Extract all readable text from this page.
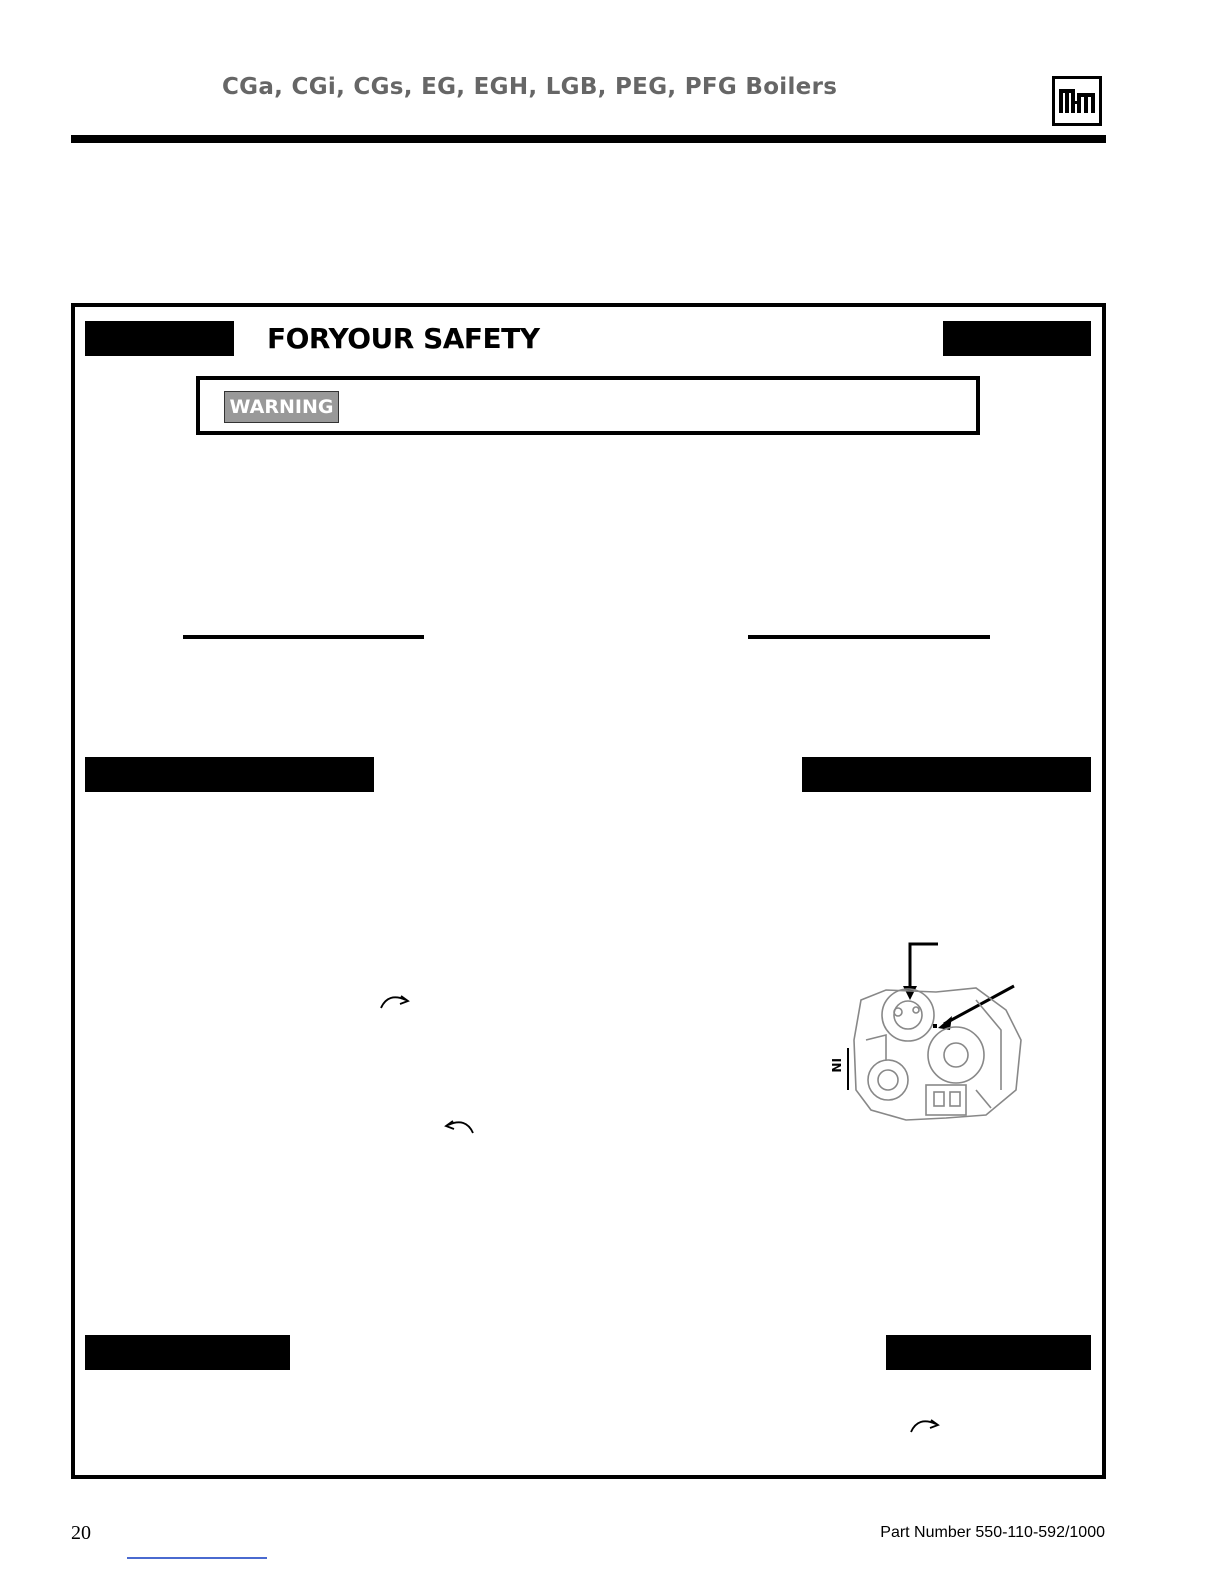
CGa, CGi, CGs, EG, EGH, LGB, PEG, PFG Boilers
FORYOUR SAFETY
WARNING
IN
20	Part Number 550-110-592/1000
